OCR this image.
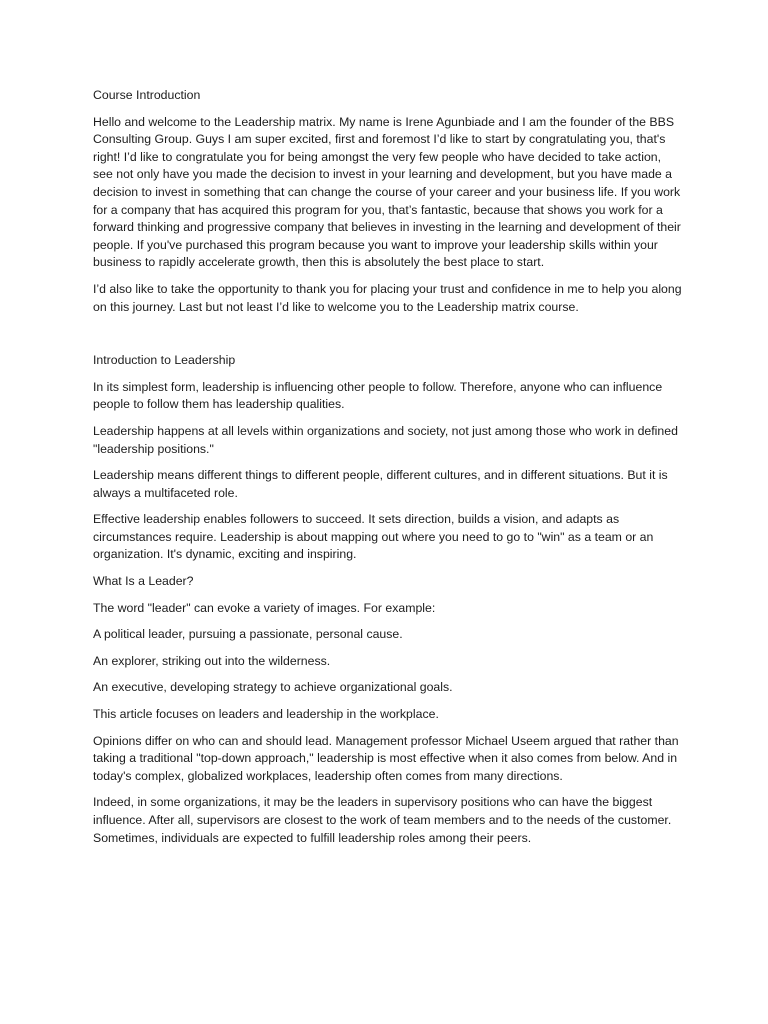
Course Introduction

Hello and welcome to the Leadership matrix. My name is Irene Agunbiade and I am the founder of the BBS Consulting Group. Guys I am super excited, first and foremost I’d like to start by congratulating you, that's right! I’d like to congratulate you for being amongst the very few people who have decided to take action, see not only have you made the decision to invest in your learning and development, but you have made a decision to invest in something that can change the course of your career and your business life. If you work for a company that has acquired this program for you, that’s fantastic, because that shows you work for a forward thinking and progressive company that believes in investing in the learning and development of their people. If you've purchased this program because you want to improve your leadership skills within your business to rapidly accelerate growth, then this is absolutely the best place to start.

I’d also like to take the opportunity to thank you for placing your trust and confidence in me to help you along on this journey. Last but not least I’d like to welcome you to the Leadership matrix course.

Introduction to Leadership

In its simplest form, leadership is influencing other people to follow. Therefore, anyone who can influence people to follow them has leadership qualities.

Leadership happens at all levels within organizations and society, not just among those who work in defined "leadership positions."

Leadership means different things to different people, different cultures, and in different situations. But it is always a multifaceted role.

Effective leadership enables followers to succeed. It sets direction, builds a vision, and adapts as circumstances require. Leadership is about mapping out where you need to go to "win" as a team or an organization. It's dynamic, exciting and inspiring.

What Is a Leader?

The word "leader" can evoke a variety of images. For example:

A political leader, pursuing a passionate, personal cause.

An explorer, striking out into the wilderness.

An executive, developing strategy to achieve organizational goals.

This article focuses on leaders and leadership in the workplace.

Opinions differ on who can and should lead. Management professor Michael Useem argued that rather than taking a traditional "top-down approach," leadership is most effective when it also comes from below. And in today's complex, globalized workplaces, leadership often comes from many directions.

Indeed, in some organizations, it may be the leaders in supervisory positions who can have the biggest influence. After all, supervisors are closest to the work of team members and to the needs of the customer. Sometimes, individuals are expected to fulfill leadership roles among their peers.
